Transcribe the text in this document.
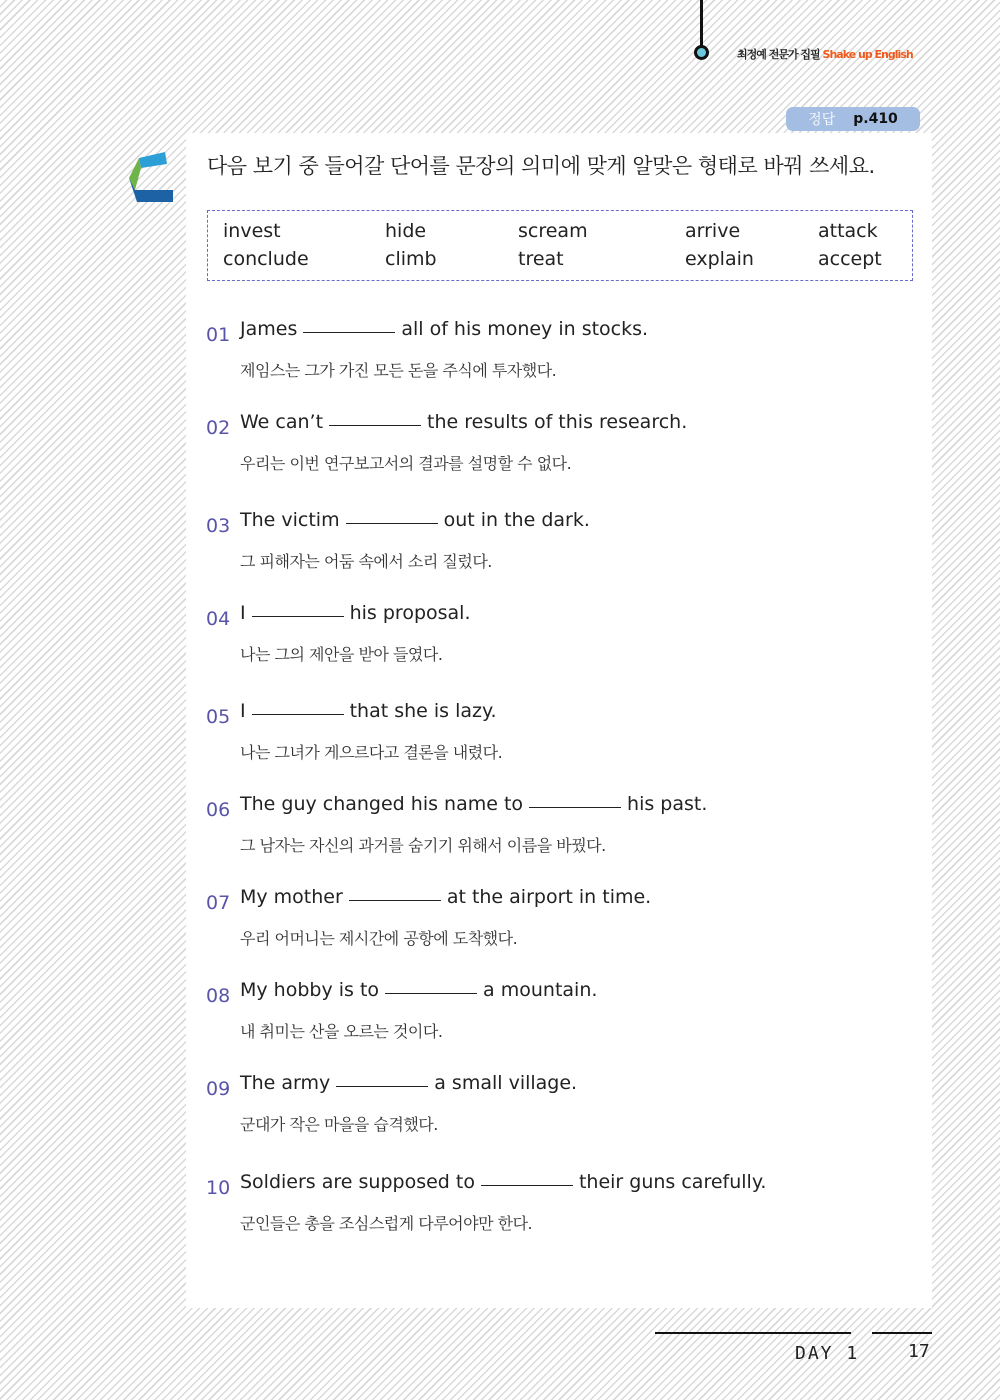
최정예 전문가 집필 Shake up English
정답 p.410
다음 보기 중 들어갈 단어를 문장의 의미에 맞게 알맞은 형태로 바꿔 쓰세요.
invest	hide	scream	arrive	attack
conclude	climb	treat	explain	accept
01 James	all of his money in stocks.
제임스는 그가 가진 모든 돈을 주식에 투자했다.
02 We can’t	the results of this research.
우리는 이번 연구보고서의 결과를 설명할 수 없다.
03 The victim	out in the dark.
그 피해자는 어둠 속에서 소리 질렀다.
04 I	his proposal.
나는 그의 제안을 받아 들였다.
05 I	that she is lazy.
나는 그녀가 게으르다고 결론을 내렸다.
06 The guy changed his name to	his past.
그 남자는 자신의 과거를 숨기기 위해서 이름을 바꿨다.
07 My mother	at the airport in time.
우리 어머니는 제시간에 공항에 도착했다.
08 My hobby is to	a mountain.
내 취미는 산을 오르는 것이다.
09 The army	a small village.
군대가 작은 마을을 습격했다.
10 Soldiers are supposed to	their guns carefully.
군인들은 총을 조심스럽게 다루어야만 한다.
DAY 1	17
